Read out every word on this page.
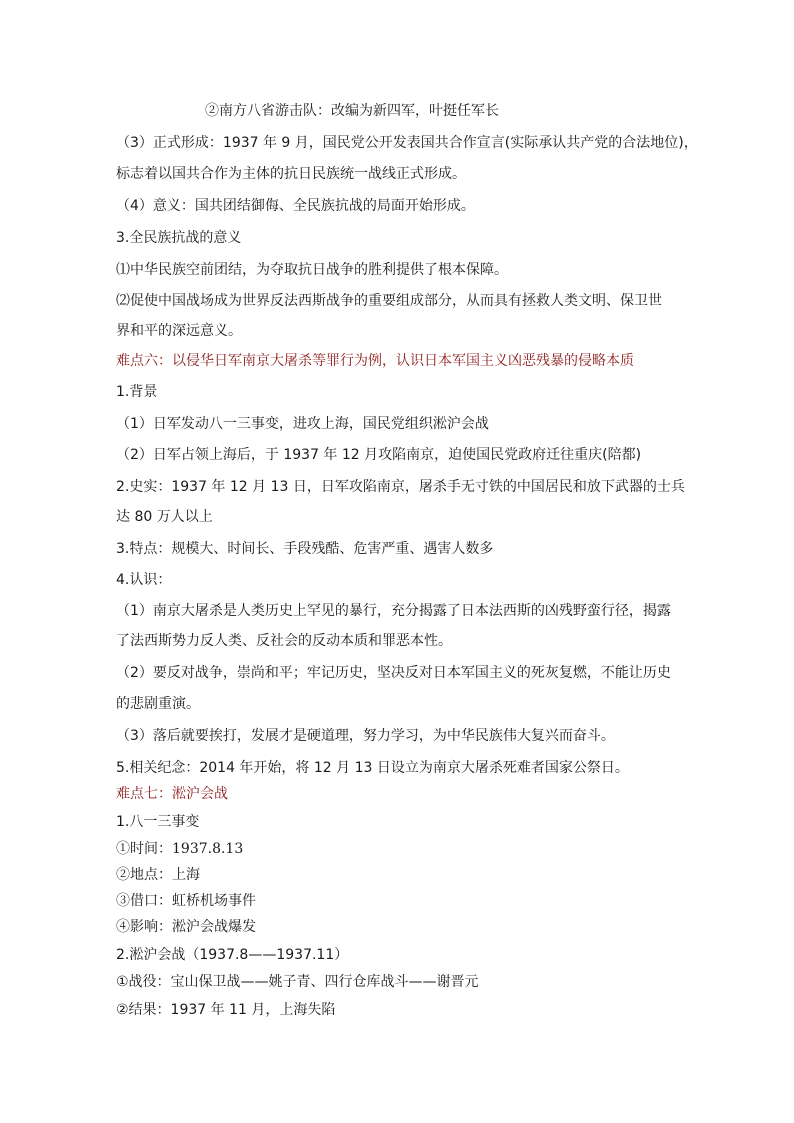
②南方八省游击队：改编为新四军，叶挺任军长
（3）正式形成：1937 年 9 月，国民党公开发表国共合作宣言(实际承认共产党的合法地位)，
标志着以国共合作为主体的抗日民族统一战线正式形成。
（4）意义：国共团结御侮、全民族抗战的局面开始形成。
3.全民族抗战的意义
⑴中华民族空前团结，为夺取抗日战争的胜利提供了根本保障。
⑵促使中国战场成为世界反法西斯战争的重要组成部分，从而具有拯救人类文明、保卫世
界和平的深远意义。
难点六：以侵华日军南京大屠杀等罪行为例，认识日本军国主义凶恶残暴的侵略本质
1.背景
（1）日军发动八一三事变，进攻上海，国民党组织淞沪会战
（2）日军占领上海后，于 1937 年 12 月攻陷南京，迫使国民党政府迁往重庆(陪都)
2.史实：1937 年 12 月 13 日，日军攻陷南京，屠杀手无寸铁的中国居民和放下武器的士兵
达 80 万人以上
3.特点：规模大、时间长、手段残酷、危害严重、遇害人数多
4.认识：
（1）南京大屠杀是人类历史上罕见的暴行，充分揭露了日本法西斯的凶残野蛮行径，揭露
了法西斯势力反人类、反社会的反动本质和罪恶本性。
（2）要反对战争，崇尚和平；牢记历史，坚决反对日本军国主义的死灰复燃，不能让历史
的悲剧重演。
（3）落后就要挨打，发展才是硬道理，努力学习，为中华民族伟大复兴而奋斗。
5.相关纪念：2014 年开始，将 12 月 13 日设立为南京大屠杀死难者国家公祭日。
难点七：淞沪会战
1.八一三事变
①时间：1937.8.13
②地点：上海
③借口：虹桥机场事件
④影响：淞沪会战爆发
2.淞沪会战（1937.8——1937.11）
①战役：宝山保卫战——姚子青、四行仓库战斗——谢晋元
②结果：1937 年 11 月，上海失陷
